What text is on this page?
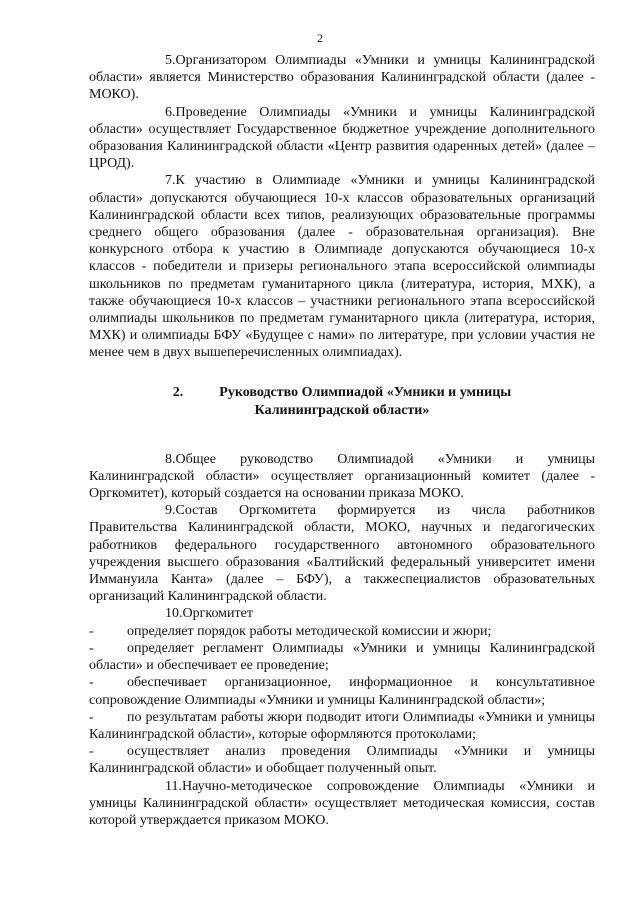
2

5.Организатором Олимпиады «Умники и умницы Калининградской области» является Министерство образования Калининградской области (далее - МОКО).

6.Проведение Олимпиады «Умники и умницы Калининградской области» осуществляет Государственное бюджетное учреждение дополнительного образования Калининградской области «Центр развития одаренных детей» (далее –ЦРОД).

7.К участию в Олимпиаде «Умники и умницы Калининградской области» допускаются обучающиеся 10-х классов образовательных организаций Калининградской области всех типов, реализующих образовательные программы среднего общего образования (далее - образовательная организация). Вне конкурсного отбора к участию в Олимпиаде допускаются обучающиеся 10-х классов - победители и призеры регионального этапа всероссийской олимпиады школьников по предметам гуманитарного цикла (литература, история, МХК), а также обучающиеся 10-х классов – участники регионального этапа всероссийской олимпиады школьников по предметам гуманитарного цикла (литература, история, МХК) и олимпиады БФУ «Будущее с нами» по литературе, при условии участия не менее чем в двух вышеперечисленных олимпиадах).

2.	Руководство Олимпиадой «Умники и умницы
Калининградской области»

8.Общее руководство Олимпиадой «Умники и умницы Калининградской области» осуществляет организационный комитет (далее - Оргкомитет), который создается на основании приказа МОКО.

9.Состав Оргкомитета формируется из числа работников Правительства Калининградской области, МОКО, научных и педагогических работников федерального государственного автономного образовательного учреждения высшего образования «Балтийский федеральный университет имени Иммануила Канта» (далее – БФУ), а такжеспециалистов образовательных организаций Калининградской области.

10.Оргкомитет

- определяет порядок работы методической комиссии и жюри;

- определяет регламент Олимпиады «Умники и умницы Калининградской области» и обеспечивает ее проведение;

- обеспечивает организационное, информационное и консультативное сопровождение Олимпиады «Умники и умницы Калининградской области»;

- по результатам работы жюри подводит итоги Олимпиады «Умники и умницы Калининградской области», которые оформляются протоколами;

- осуществляет анализ проведения Олимпиады «Умники и умницы Калининградской области» и обобщает полученный опыт.

11.Научно-методическое сопровождение Олимпиады «Умники и умницы Калининградской области» осуществляет методическая комиссия, состав которой утверждается приказом МОКО.
